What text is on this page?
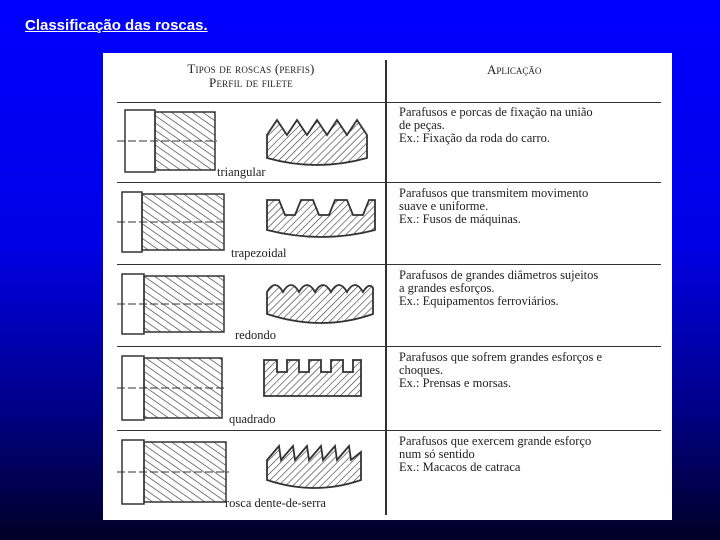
Classificação das roscas.
Tipos de roscas (perfis)
Perfil de filete
Aplicação
triangular
Parafusos e porcas de fixação na união
de peças.
Ex.: Fixação da roda do carro.
trapezoidal
Parafusos que transmitem movimento
suave e uniforme.
Ex.: Fusos de máquinas.
redondo
Parafusos de grandes diâmetros sujeitos
a grandes esforços.
Ex.: Equipamentos ferroviários.
quadrado
Parafusos que sofrem grandes esforços e
choques.
Ex.: Prensas e morsas.
rosca dente-de-serra
Parafusos que exercem grande esforço
num só sentido
Ex.: Macacos de catraca
